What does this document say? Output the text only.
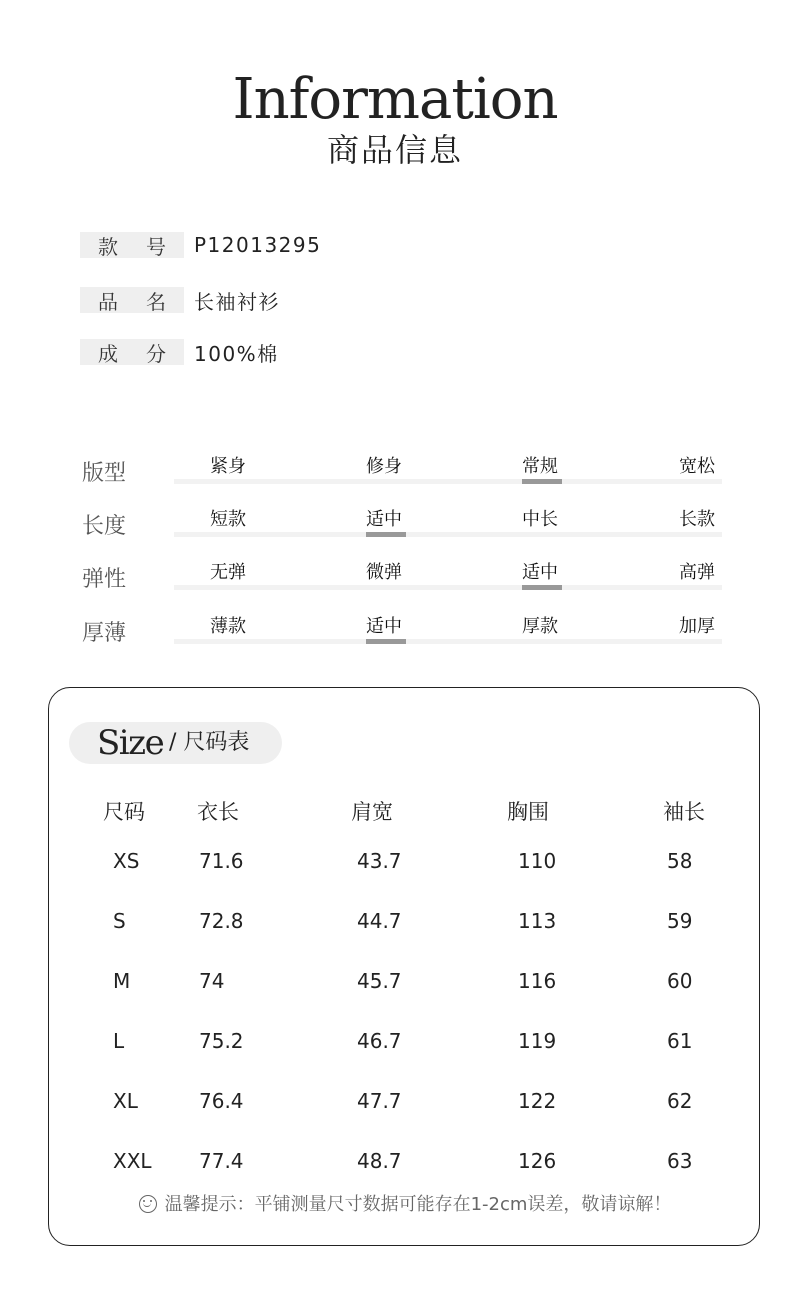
Information
商品信息
款 号 P12013295
品 名 长袖衬衫
成 分 100%棉
版型	紧身	修身	常规	宽松
长度	短款	适中	中长	长款
弹性	无弹	微弹	适中	高弹
厚薄	薄款	适中	厚款	加厚
Size / 尺码表
尺码 衣长	肩宽	胸围	袖长
XS	71.6	43.7	110	58
S	72.8	44.7	113	59
M	74	45.7	116	60
L	75.2	46.7	119	61
XL	76.4	47.7	122	62
XXL 77.4	48.7	126	63
温馨提示：平铺测量尺寸数据可能存在1-2cm误差，敬请谅解！
